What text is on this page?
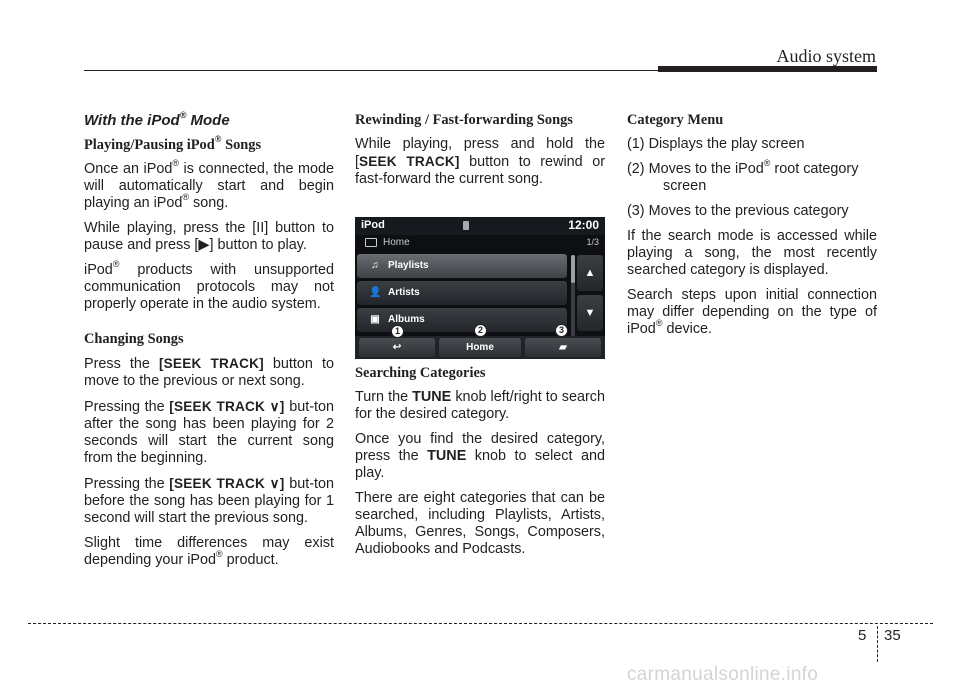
Audio system
With the iPod® Mode
Playing/Pausing iPod® Songs

Once an iPod® is connected, the mode will automatically start and begin playing an iPod® song.

While playing, press the [II] button to pause and press [▶] button to play.

iPod® products with unsupported communication protocols may not properly operate in the audio system.

Changing Songs

Press the [SEEK TRACK] button to move to the previous or next song.

Pressing the [SEEK TRACK ∨] but-ton after the song has been playing for 2 seconds will start the current song from the beginning.

Pressing the [SEEK TRACK ∨] but-ton before the song has been playing for 1 second will start the previous song.

Slight time differences may exist depending your iPod® product.

Rewinding / Fast-forwarding Songs

While playing, press and hold the [SEEK TRACK] button to rewind or fast-forward the current song.

iPod	12:00
Home	1/3
♫ Playlists
👤 Artists
▣ Albums
▲
▼
↩	Home	▰
1	2	3
Searching Categories

Turn the TUNE knob left/right to search for the desired category.

Once you find the desired category, press the TUNE knob to select and play.

There are eight categories that can be searched, including Playlists, Artists, Albums, Genres, Songs, Composers, Audiobooks and Podcasts.

Category Menu

(1) Displays the play screen

(2) Moves to the iPod® root category screen

(3) Moves to the previous category

If the search mode is accessed while playing a song, the most recently searched category is displayed.

Search steps upon initial connection may differ depending on the type of iPod® device.

5 35
carmanualsonline.info
